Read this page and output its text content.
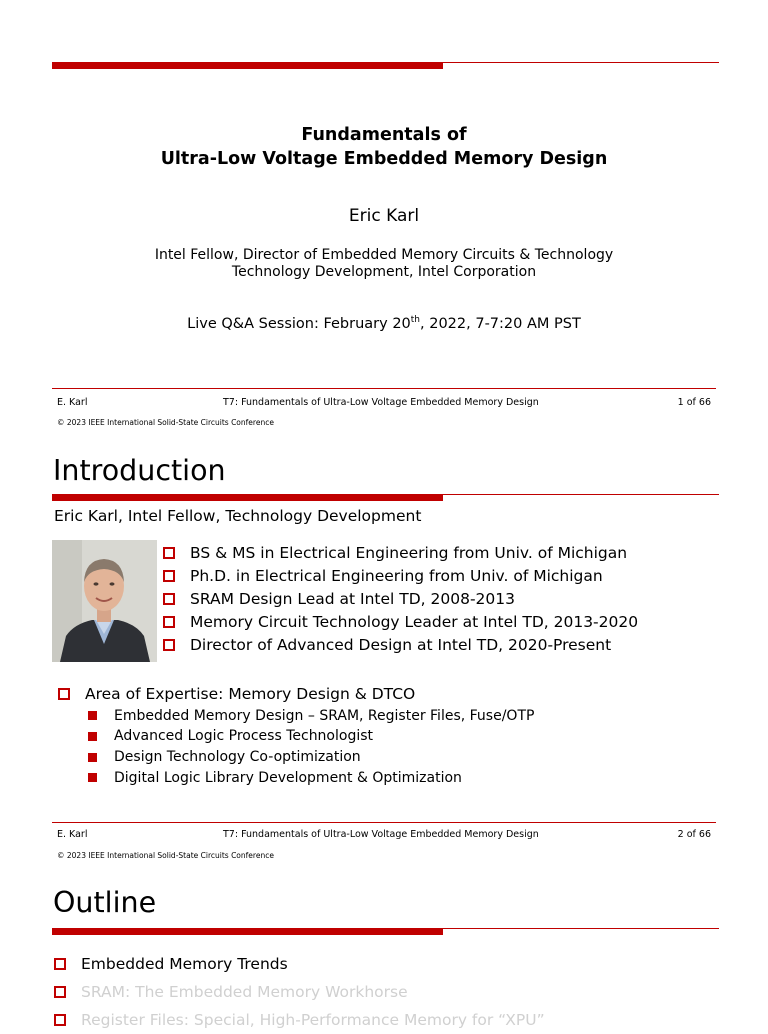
Fundamentals of
Ultra-Low Voltage Embedded Memory Design
Eric Karl
Intel Fellow, Director of Embedded Memory Circuits & Technology
Technology Development, Intel Corporation
Live Q&A Session: February 20th, 2022, 7-7:20 AM PST
E. Karl	T7: Fundamentals of Ultra-Low Voltage Embedded Memory Design	1 of 66
© 2023 IEEE International Solid-State Circuits Conference
Introduction
Eric Karl, Intel Fellow, Technology Development
BS & MS in Electrical Engineering from Univ. of Michigan
Ph.D. in Electrical Engineering from Univ. of Michigan
SRAM Design Lead at Intel TD, 2008-2013
Memory Circuit Technology Leader at Intel TD, 2013-2020
Director of Advanced Design at Intel TD, 2020-Present
Area of Expertise: Memory Design & DTCO
Embedded Memory Design – SRAM, Register Files, Fuse/OTP
Advanced Logic Process Technologist
Design Technology Co-optimization
Digital Logic Library Development & Optimization
E. Karl	T7: Fundamentals of Ultra-Low Voltage Embedded Memory Design	2 of 66
© 2023 IEEE International Solid-State Circuits Conference
Outline
Embedded Memory Trends
SRAM: The Embedded Memory Workhorse
Register Files: Special, High-Performance Memory for “XPU”
